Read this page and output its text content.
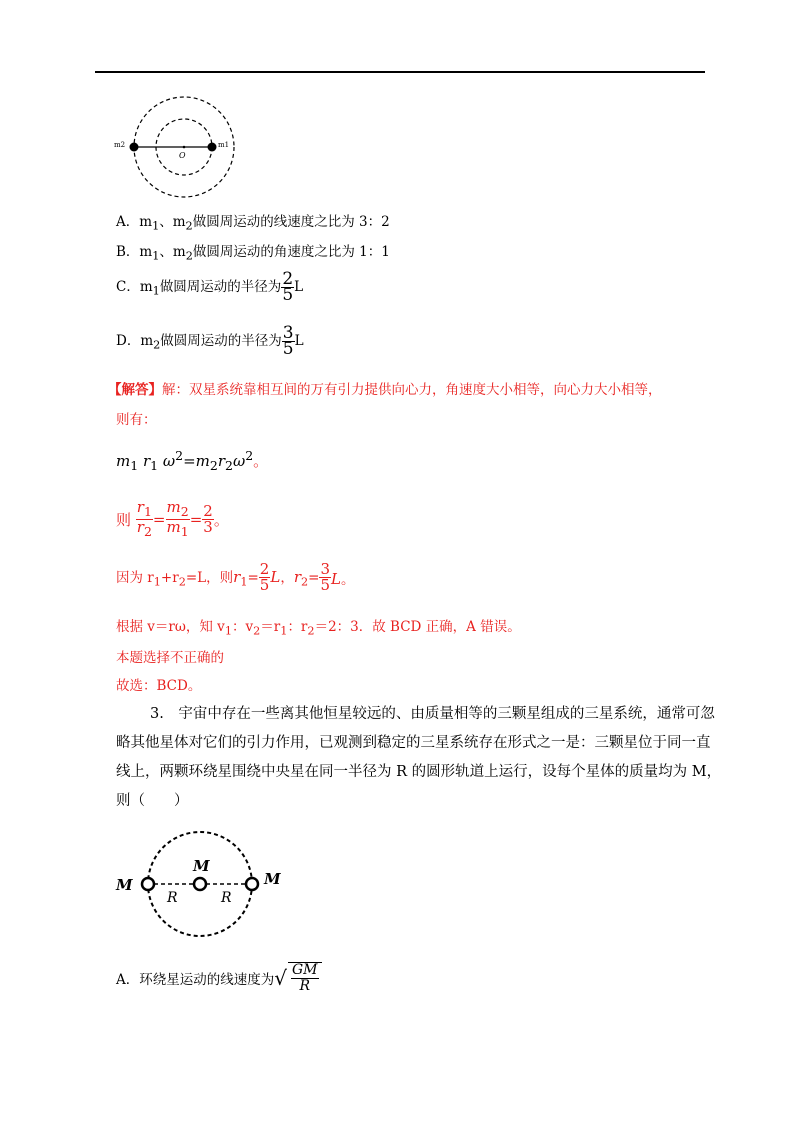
m2	m1
O
A．$m_1$、$m_2$做圆周运动的线速度之比为 3：2
B．$m_1$、$m_2$做圆周运动的角速度之比为 1：1
C．$m_1$做圆周运动的半径为 $\frac{2}{5}$ L
D．$m_2$做圆周运动的半径为 $\frac{3}{5}$ L
【解答】解：双星系统靠相互间的万有引力提供向心力，角速度大小相等，向心力大小相等，
则有：
$m_1$ $r_1$ $\omega^2=m_2r_2\omega^2$。
则 $\frac{r_1}{r_2} = \frac{m_2}{m_1} = \frac{2}{3}$ 。
因为 $r_1+r_2=L$，则$r_1= \frac{2}{5}$ L，$r_2= \frac{3}{5}$ L。
根据 v＝rω，知 $v_1$：$v_2=r_1$：$r_2=2$：3．故 BCD 正确，A 错误。
本题选择不正确的
故选：BCD。
3.　 宇宙中存在一些离其他恒星较远的、由质量相等的三颗星组成的三星系统，通常可忽
略其他星体对它们的引力作用，已观测到稳定的三星系统存在形式之一是：三颗星位于同一直
线上，两颗环绕星围绕中央星在同一半径为 R 的圆形轨道上运行，设每个星体的质量均为 M，
则（　　）
M
M
M
R	R
A．环绕星运动的线速度为√ $\frac{GM}{R}$
